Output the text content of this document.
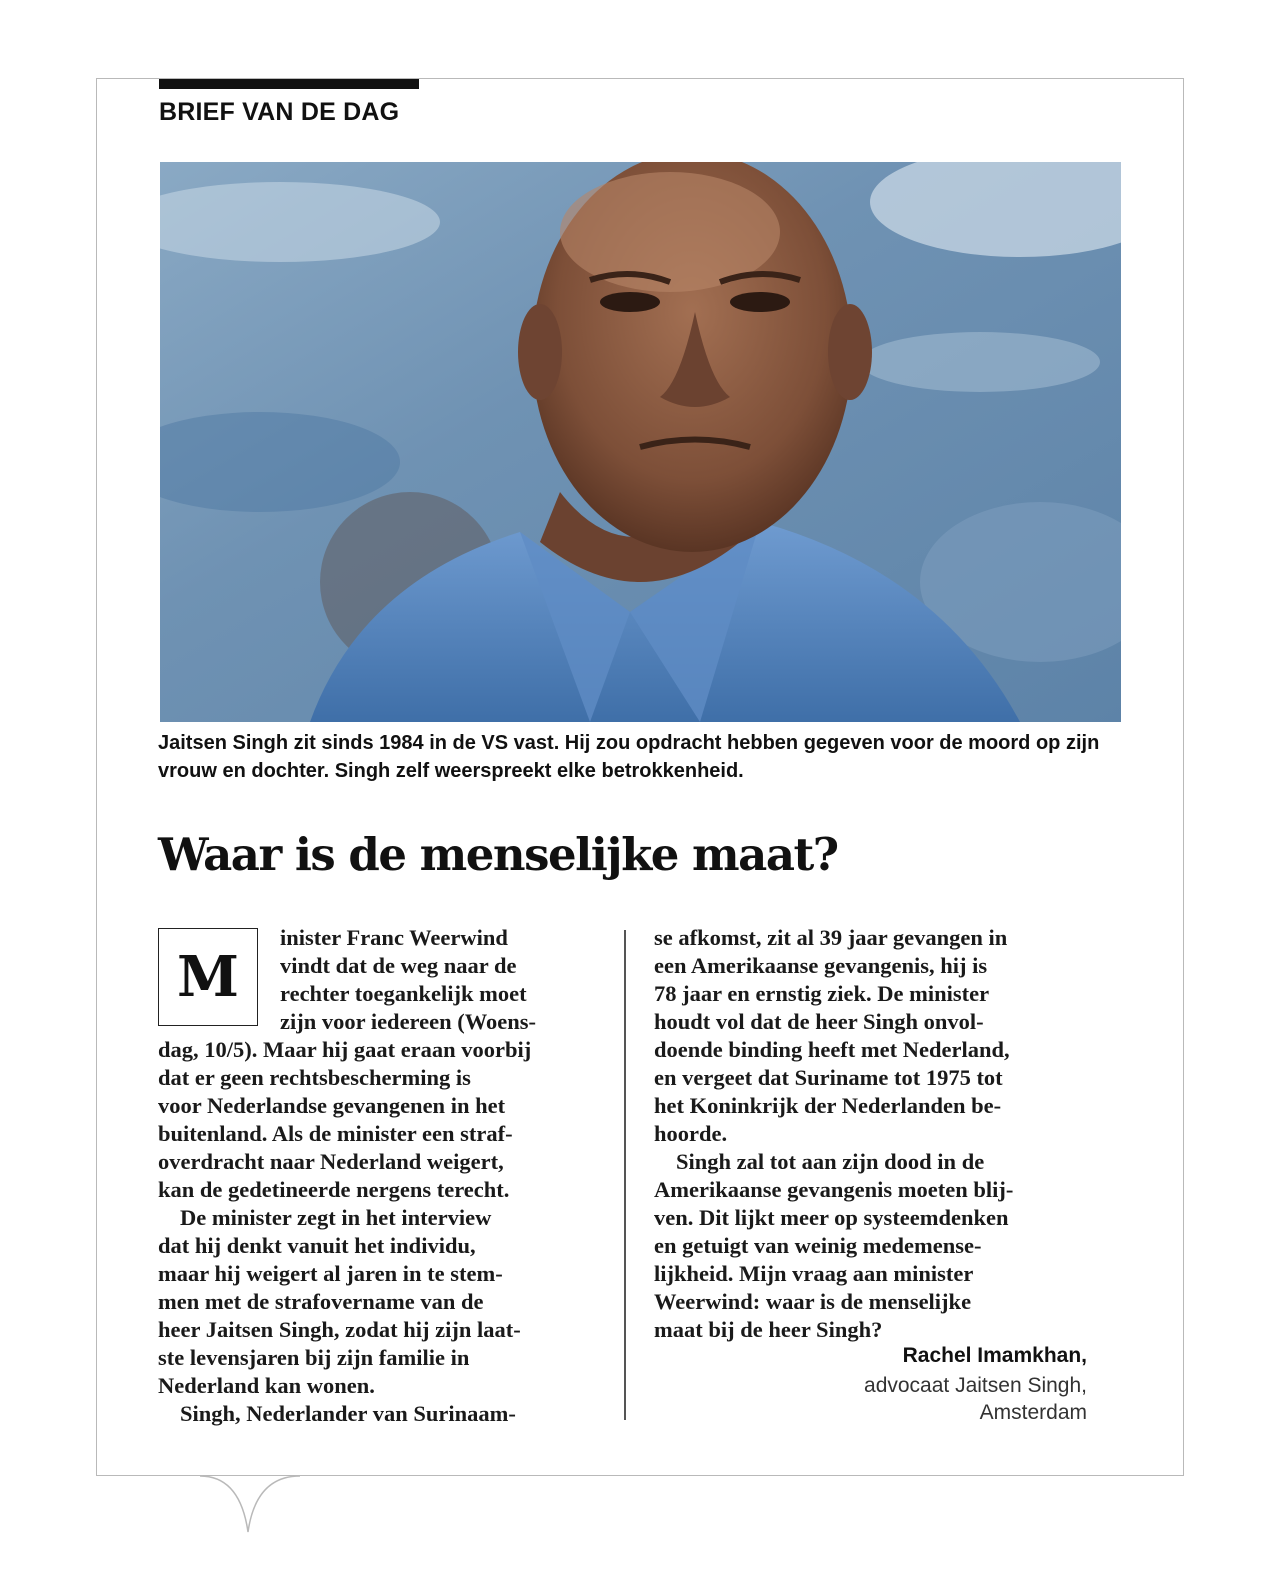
BRIEF VAN DE DAG

Jaitsen Singh zit sinds 1984 in de VS vast. Hij zou opdracht hebben gegeven voor de moord op zijn vrouw en dochter. Singh zelf weerspreekt elke betrokkenheid.

Waar is de menselijke maat?
M
inister Franc Weerwind
vindt dat de weg naar de
rechter toegankelijk moet
zijn voor iedereen (Woens-
dag, 10/5). Maar hij gaat eraan voorbij
dat er geen rechtsbescherming is
voor Nederlandse gevangenen in het
buitenland. Als de minister een straf-
overdracht naar Nederland weigert,
kan de gedetineerde nergens terecht.
De minister zegt in het interview
dat hij denkt vanuit het individu,
maar hij weigert al jaren in te stem-
men met de strafovername van de
heer Jaitsen Singh, zodat hij zijn laat-
ste levensjaren bij zijn familie in
Nederland kan wonen.
Singh, Nederlander van Surinaam-
se afkomst, zit al 39 jaar gevangen in
een Amerikaanse gevangenis, hij is
78 jaar en ernstig ziek. De minister
houdt vol dat de heer Singh onvol-
doende binding heeft met Nederland,
en vergeet dat Suriname tot 1975 tot
het Koninkrijk der Nederlanden be-
hoorde.
Singh zal tot aan zijn dood in de
Amerikaanse gevangenis moeten blij-
ven. Dit lijkt meer op systeemdenken
en getuigt van weinig medemense-
lijkheid. Mijn vraag aan minister
Weerwind: waar is de menselijke
maat bij de heer Singh?
Rachel Imamkhan,
advocaat Jaitsen Singh,
Amsterdam
